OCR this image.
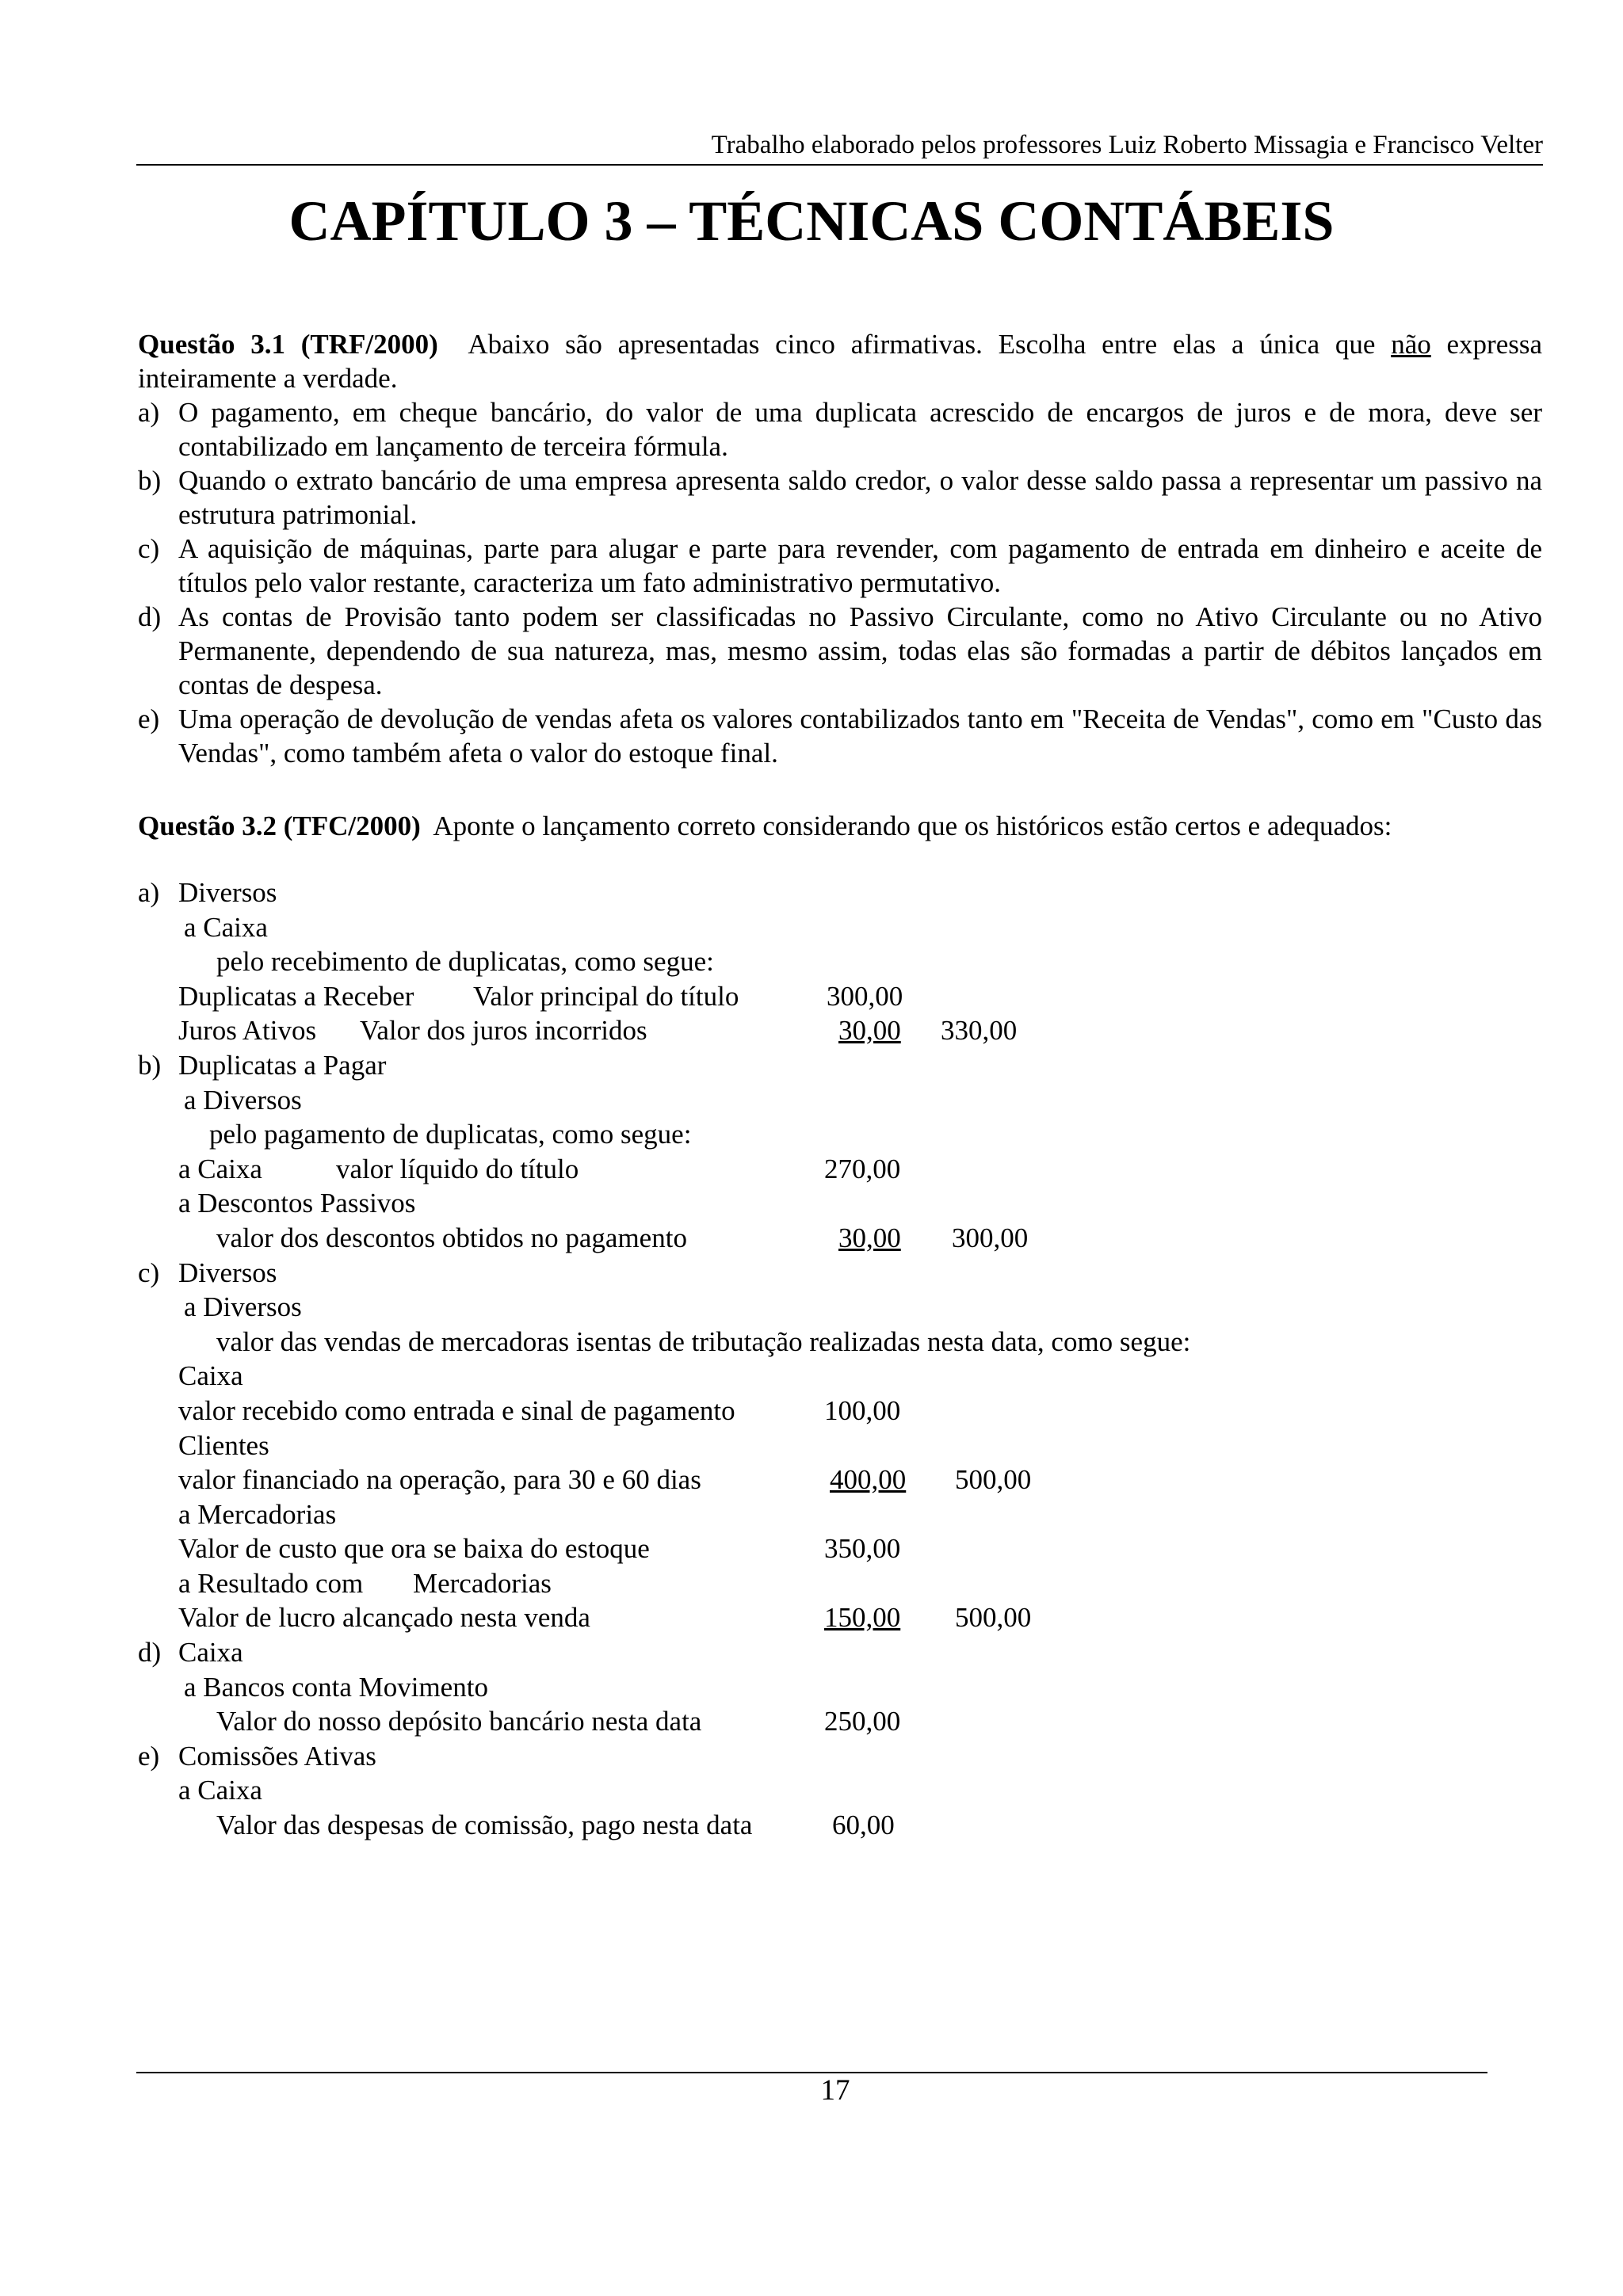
Trabalho elaborado pelos professores Luiz Roberto Missagia e Francisco Velter
CAPÍTULO 3 – TÉCNICAS CONTÁBEIS
Questão 3.1 (TRF/2000) Abaixo são apresentadas cinco afirmativas. Escolha entre elas a única que não expressa inteiramente a verdade.
a) O pagamento, em cheque bancário, do valor de uma duplicata acrescido de encargos de juros e de mora, deve ser contabilizado em lançamento de terceira fórmula.
b) Quando o extrato bancário de uma empresa apresenta saldo credor, o valor desse saldo passa a representar um passivo na estrutura patrimonial.
c) A aquisição de máquinas, parte para alugar e parte para revender, com pagamento de entrada em dinheiro e aceite de títulos pelo valor restante, caracteriza um fato administrativo permutativo.
d) As contas de Provisão tanto podem ser classificadas no Passivo Circulante, como no Ativo Circulante ou no Ativo Permanente, dependendo de sua natureza, mas, mesmo assim, todas elas são formadas a partir de débitos lançados em contas de despesa.
e) Uma operação de devolução de vendas afeta os valores contabilizados tanto em "Receita de Vendas", como em "Custo das Vendas", como também afeta o valor do estoque final.
Questão 3.2 (TFC/2000) Aponte o lançamento correto considerando que os históricos estão certos e adequados:
a) Diversos
a Caixa
pelo recebimento de duplicatas, como segue:
Duplicatas a Receber Valor principal do título	300,00
Juros Ativos Valor dos juros incorridos	30,00 330,00
b) Duplicatas a Pagar
a Diversos
pelo pagamento de duplicatas, como segue:
a Caixa	valor líquido do título	270,00
a Descontos Passivos
valor dos descontos obtidos no pagamento	30,00 300,00
c) Diversos
a Diversos
valor das vendas de mercadoras isentas de tributação realizadas nesta data, como segue:
Caixa
valor recebido como entrada e sinal de pagamento	100,00
Clientes
valor financiado na operação, para 30 e 60 dias	400,00 500,00
a Mercadorias
Valor de custo que ora se baixa do estoque	350,00
a Resultado com Mercadorias
Valor de lucro alcançado nesta venda	150,00 500,00
d) Caixa
a Bancos conta Movimento
Valor do nosso depósito bancário nesta data	250,00
e) Comissões Ativas
a Caixa
Valor das despesas de comissão, pago nesta data	60,00
17
